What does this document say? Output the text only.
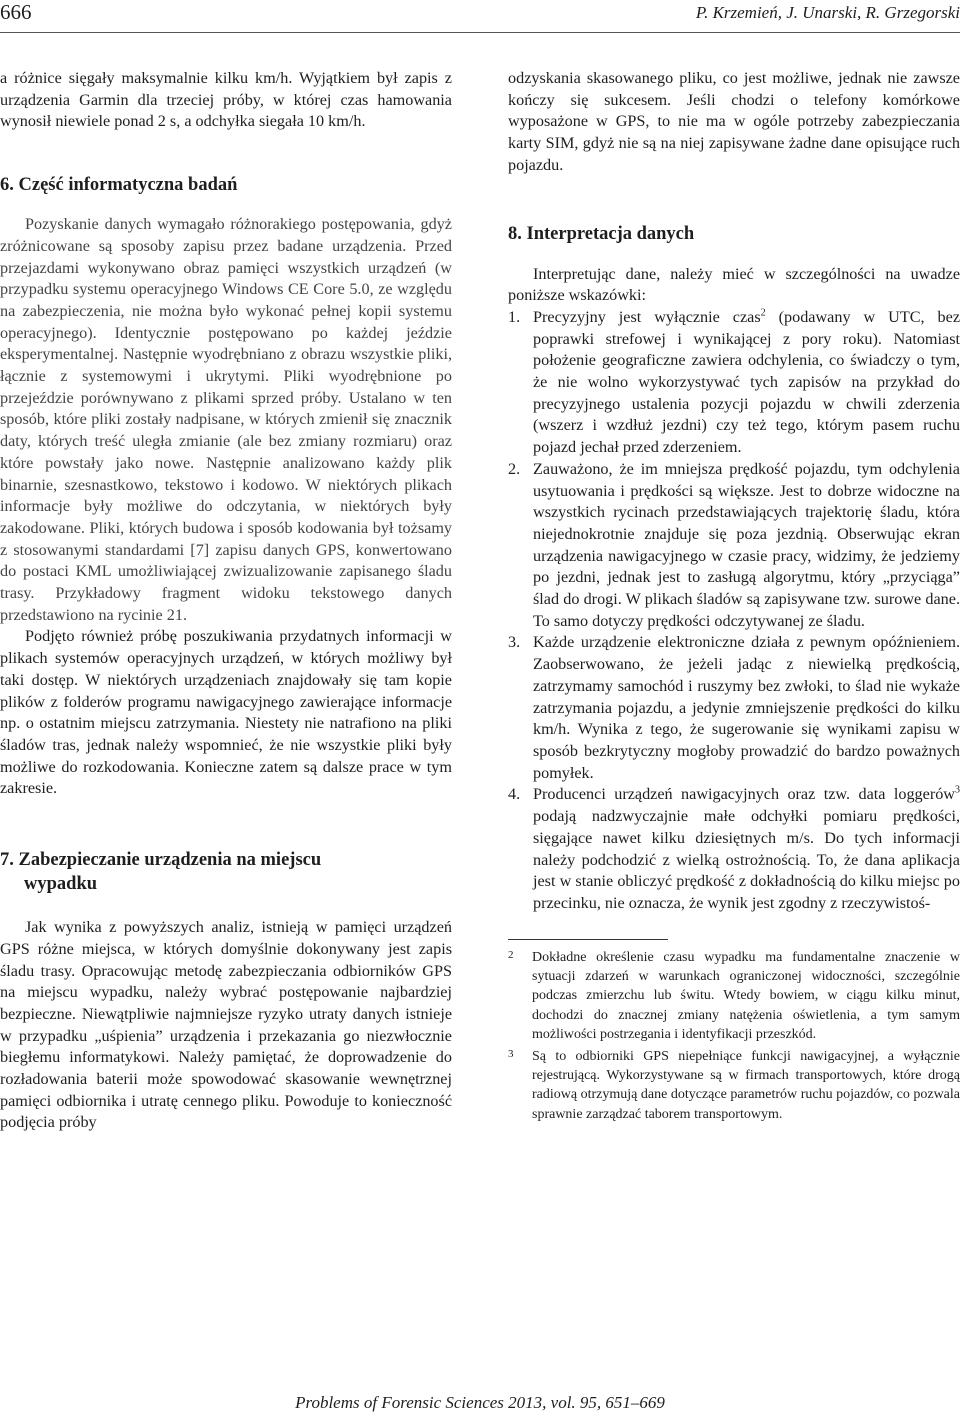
666	P. Krzemień, J. Unarski, R. Grzegorski

a różnice sięgały maksymalnie kilku km/h. Wyjątkiem był zapis z urządzenia Garmin dla trzeciej próby, w której czas hamowania wynosił niewiele ponad 2 s, a odchyłka siegała 10 km/h.

6. Część informatyczna badań

Pozyskanie danych wymagało różnorakiego postępowania, gdyż zróżnicowane są sposoby zapisu przez badane urządzenia. Przed przejazdami wykonywano obraz pamięci wszystkich urządzeń (w przypadku systemu operacyjnego Windows CE Core 5.0, ze względu na zabezpieczenia, nie można było wykonać pełnej kopii systemu operacyjnego). Identycznie postępowano po każdej jeździe eksperymentalnej. Następnie wyodrębniano z obrazu wszystkie pliki, łącznie z systemowymi i ukrytymi. Pliki wyodrębnione po przejeździe porównywano z plikami sprzed próby. Ustalano w ten sposób, które pliki zostały nadpisane, w których zmienił się znacznik daty, których treść uległa zmianie (ale bez zmiany rozmiaru) oraz które powstały jako nowe. Następnie analizowano każdy plik binarnie, szesnastkowo, tekstowo i kodowo. W niektórych plikach informacje były możliwe do odczytania, w niektórych były zakodowane. Pliki, których budowa i sposób kodowania był tożsamy z stosowanymi standardami [7] zapisu danych GPS, konwertowano do postaci KML umożliwiającej zwizualizowanie zapisanego śladu trasy. Przykładowy fragment widoku tekstowego danych przedstawiono na rycinie 21.

Podjęto również próbę poszukiwania przydatnych informacji w plikach systemów operacyjnych urządzeń, w których możliwy był taki dostęp. W niektórych urządzeniach znajdowały się tam kopie plików z folderów programu nawigacyjnego zawierające informacje np. o ostatnim miejscu zatrzymania. Niestety nie natrafiono na pliki śladów tras, jednak należy wspomnieć, że nie wszystkie pliki były możliwe do rozkodowania. Konieczne zatem są dalsze prace w tym zakresie.

7. Zabezpieczanie urządzenia na miejscu
wypadku

Jak wynika z powyższych analiz, istnieją w pamięci urządzeń GPS różne miejsca, w których domyślnie dokonywany jest zapis śladu trasy. Opracowując metodę zabezpieczania odbiorników GPS na miejscu wypadku, należy wybrać postępowanie najbardziej bezpieczne. Niewątpliwie najmniejsze ryzyko utraty danych istnieje w przypadku „uśpienia” urządzenia i przekazania go niezwłocznie biegłemu informatykowi. Należy pamiętać, że doprowadzenie do rozładowania baterii może spowodować skasowanie wewnętrznej pamięci odbiornika i utratę cennego pliku. Powoduje to konieczność podjęcia próby

odzyskania skasowanego pliku, co jest możliwe, jednak nie zawsze kończy się sukcesem. Jeśli chodzi o telefony komórkowe wyposażone w GPS, to nie ma w ogóle potrzeby zabezpieczania karty SIM, gdyż nie są na niej zapisywane żadne dane opisujące ruch pojazdu.

8. Interpretacja danych

Interpretując dane, należy mieć w szczególności na uwadze poniższe wskazówki:

1. Precyzyjny jest wyłącznie czas$^2$ (podawany w UTC, bez poprawki strefowej i wynikającej z pory roku). Natomiast położenie geograficzne zawiera odchylenia, co świadczy o tym, że nie wolno wykorzystywać tych zapisów na przykład do precyzyjnego ustalenia pozycji pojazdu w chwili zderzenia (wszerz i wzdłuż jezdni) czy też tego, którym pasem ruchu pojazd jechał przed zderzeniem.
2. Zauważono, że im mniejsza prędkość pojazdu, tym odchylenia usytuowania i prędkości są większe. Jest to dobrze widoczne na wszystkich rycinach przedstawiających trajektorię śladu, która niejednokrotnie znajduje się poza jezdnią. Obserwując ekran urządzenia nawigacyjnego w czasie pracy, widzimy, że jedziemy po jezdni, jednak jest to zasługą algorytmu, który „przyciąga” ślad do drogi. W plikach śladów są zapisywane tzw. surowe dane. To samo dotyczy prędkości odczytywanej ze śladu.
3. Każde urządzenie elektroniczne działa z pewnym opóźnieniem. Zaobserwowano, że jeżeli jadąc z niewielką prędkością, zatrzymamy samochód i ruszymy bez zwłoki, to ślad nie wykaże zatrzymania pojazdu, a jedynie zmniejszenie prędkości do kilku km/h. Wynika z tego, że sugerowanie się wynikami zapisu w sposób bezkrytyczny mogłoby prowadzić do bardzo poważnych pomyłek.
4. Producenci urządzeń nawigacyjnych oraz tzw. data loggerów$^3$ podają nadzwyczajnie małe odchyłki pomiaru prędkości, sięgające nawet kilku dziesiętnych m/s. Do tych informacji należy podchodzić z wielką ostrożnością. To, że dana aplikacja jest w stanie obliczyć prędkość z dokładnością do kilku miejsc po przecinku, nie oznacza, że wynik jest zgodny z rzeczywistoś-
2 Dokładne określenie czasu wypadku ma fundamentalne znaczenie w sytuacji zdarzeń w warunkach ograniczonej widoczności, szczególnie podczas zmierzchu lub świtu. Wtedy bowiem, w ciągu kilku minut, dochodzi do znacznej zmiany natężenia oświetlenia, a tym samym możliwości postrzegania i identyfikacji przeszkód.
3 Są to odbiorniki GPS niepełniące funkcji nawigacyjnej, a wyłącznie rejestrującą. Wykorzystywane są w firmach transportowych, które drogą radiową otrzymują dane dotyczące parametrów ruchu pojazdów, co pozwala sprawnie zarządzać taborem transportowym.
Problems of Forensic Sciences 2013, vol. 95, 651–669
